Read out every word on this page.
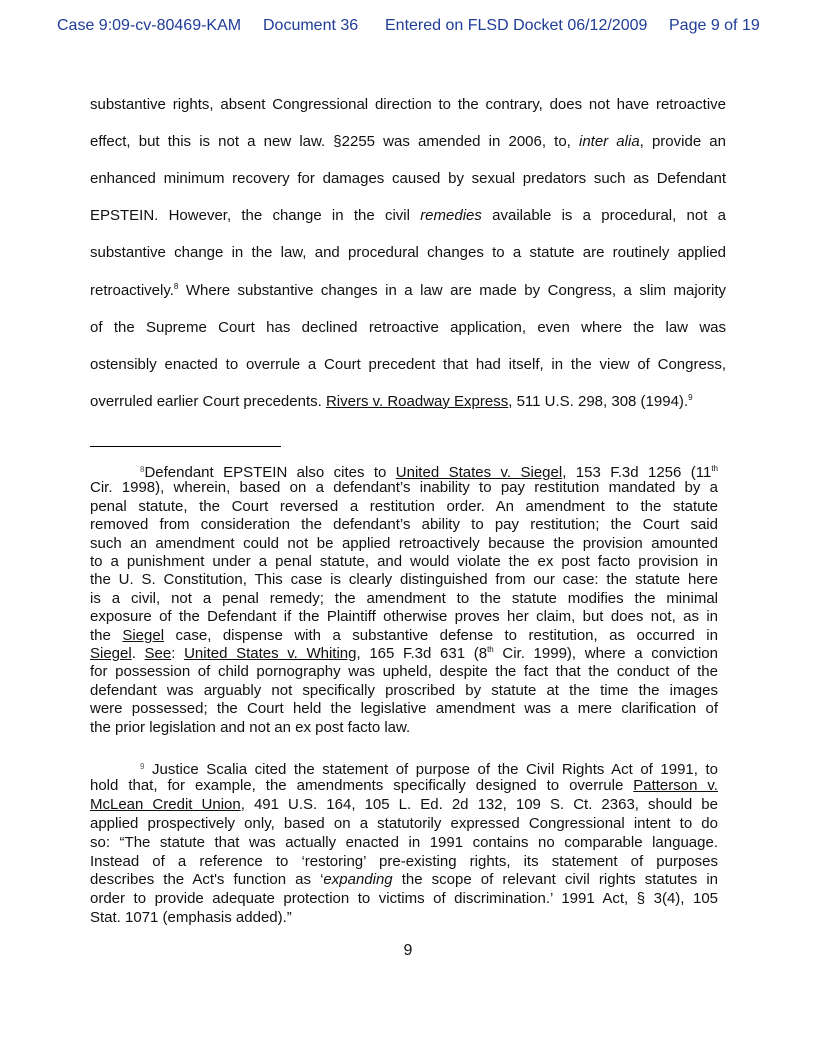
Case 9:09-cv-80469-KAM Document 36 Entered on FLSD Docket 06/12/2009 Page 9 of 19
substantive rights, absent Congressional direction to the contrary, does not have retroactive
effect, but this is not a new law. §2255 was amended in 2006, to, inter alia, provide an
enhanced minimum recovery for damages caused by sexual predators such as Defendant
EPSTEIN. However, the change in the civil remedies available is a procedural, not a
substantive change in the law, and procedural changes to a statute are routinely applied
retroactively.$^8$ Where substantive changes in a law are made by Congress, a slim majority
of the Supreme Court has declined retroactive application, even where the law was
ostensibly enacted to overrule a Court precedent that had itself, in the view of Congress,
overruled earlier Court precedents. Rivers v. Roadway Express, 511 U.S. 298, 308 (1994).$^9$
$^8$Defendant EPSTEIN also cites to United States v. Siegel, 153 F.3d 1256 (11th
Cir. 1998), wherein, based on a defendant’s inability to pay restitution mandated by a
penal statute, the Court reversed a restitution order. An amendment to the statute
removed from consideration the defendant’s ability to pay restitution; the Court said
such an amendment could not be applied retroactively because the provision amounted
to a punishment under a penal statute, and would violate the ex post facto provision in
the U. S. Constitution, This case is clearly distinguished from our case: the statute here
is a civil, not a penal remedy; the amendment to the statute modifies the minimal
exposure of the Defendant if the Plaintiff otherwise proves her claim, but does not, as in
the Siegel case, dispense with a substantive defense to restitution, as occurred in
Siegel. See: United States v. Whiting, 165 F.3d 631 (8th Cir. 1999), where a conviction
for possession of child pornography was upheld, despite the fact that the conduct of the
defendant was arguably not specifically proscribed by statute at the time the images
were possessed; the Court held the legislative amendment was a mere clarification of
the prior legislation and not an ex post facto law.
$^9$ Justice Scalia cited the statement of purpose of the Civil Rights Act of 1991, to
hold that, for example, the amendments specifically designed to overrule Patterson v.
McLean Credit Union, 491 U.S. 164, 105 L. Ed. 2d 132, 109 S. Ct. 2363, should be
applied prospectively only, based on a statutorily expressed Congressional intent to do
so: “The statute that was actually enacted in 1991 contains no comparable language.
Instead of a reference to ‘restoring’ pre-existing rights, its statement of purposes
describes the Act's function as ‘expanding the scope of relevant civil rights statutes in
order to provide adequate protection to victims of discrimination.’ 1991 Act, § 3(4), 105
Stat. 1071 (emphasis added).”
9
